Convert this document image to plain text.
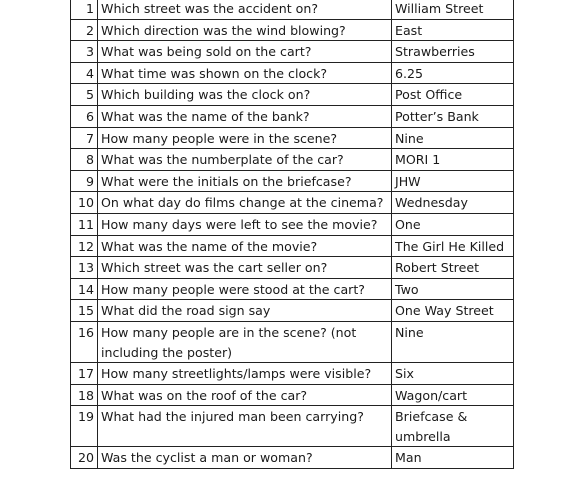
1	Which street was the accident on?	William Street
2	Which direction was the wind blowing?	East
3	What was being sold on the cart?	Strawberries
4	What time was shown on the clock?	6.25
5	Which building was the clock on?	Post Office
6	What was the name of the bank?	Potter’s Bank
7	How many people were in the scene?	Nine
8	What was the numberplate of the car?	MORI 1
9	What were the initials on the briefcase?	JHW
10	On what day do films change at the cinema?	Wednesday
11	How many days were left to see the movie?	One
12	What was the name of the movie?	The Girl He Killed
13	Which street was the cart seller on?	Robert Street
14	How many people were stood at the cart?	Two
15	What did the road sign say	One Way Street
16	How many people are in the scene? (not including the poster)	Nine
17	How many streetlights/lamps were visible?	Six
18	What was on the roof of the car?	Wagon/cart
19	What had the injured man been carrying?	Briefcase & umbrella
20	Was the cyclist a man or woman?	Man
